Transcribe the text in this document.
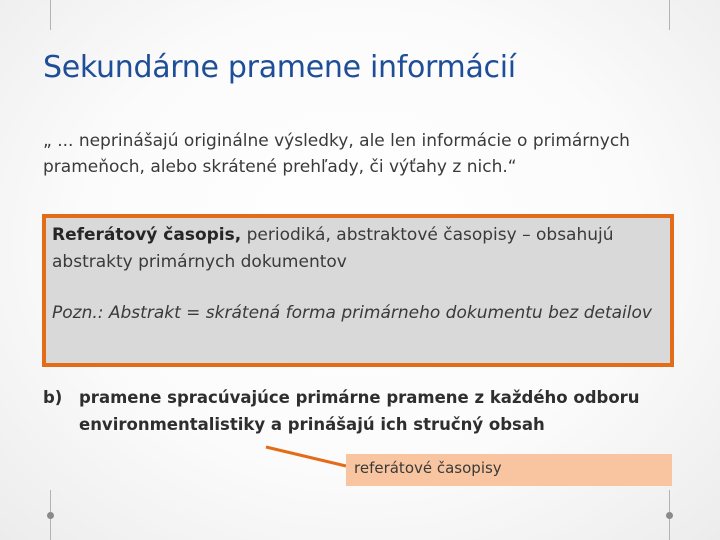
Sekundárne pramene informácií
„ ... neprinášajú originálne výsledky, ale len informácie o primárnych prameňoch, alebo skrátené prehľady, či výťahy z nich.“
Referátový časopis, periodiká, abstraktové časopisy – obsahujú abstrakty primárnych dokumentov
Pozn.: Abstrakt = skrátená forma primárneho dokumentu bez detailov
b)	pramene spracúvajúce primárne pramene z každého odboru environmentalistiky a prinášajú ich stručný obsah
referátové časopisy
